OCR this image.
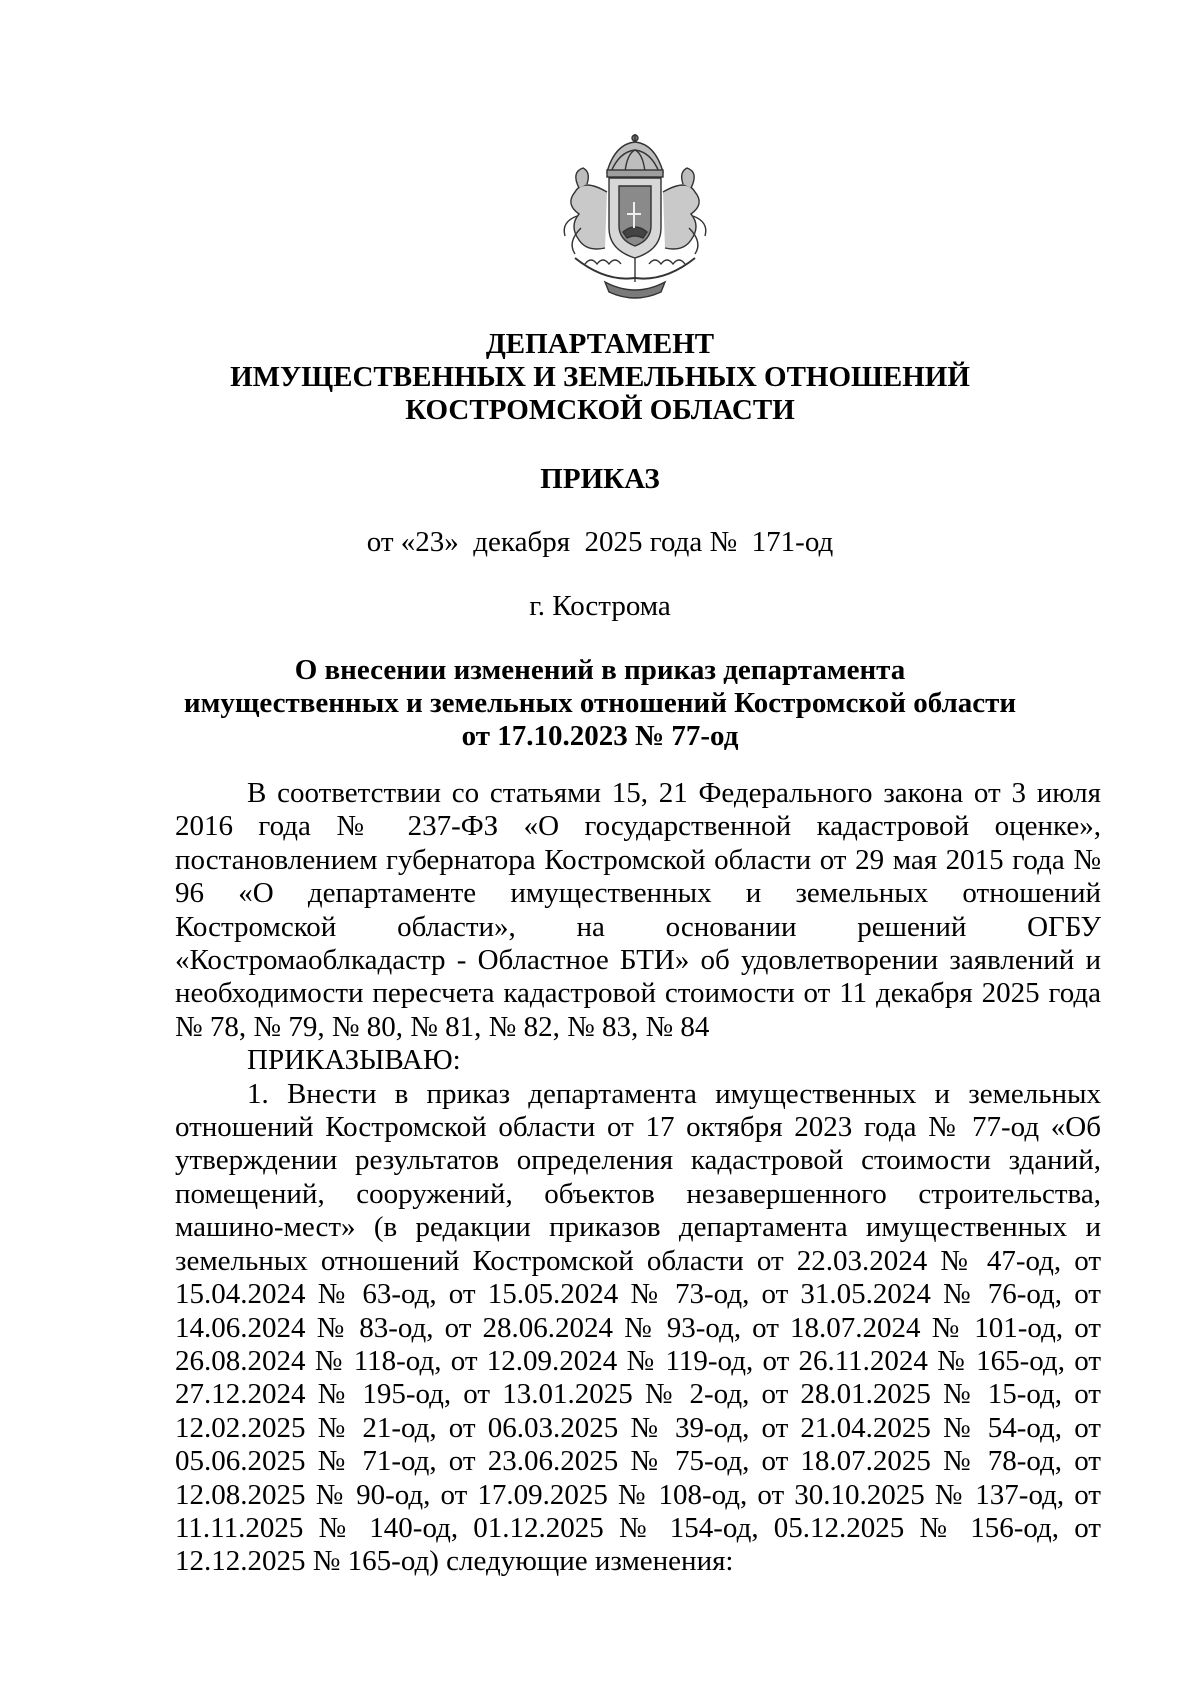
ДЕПАРТАМЕНТ
ИМУЩЕСТВЕННЫХ И ЗЕМЕЛЬНЫХ ОТНОШЕНИЙ
КОСТРОМСКОЙ ОБЛАСТИ
ПРИКАЗ
от «23»  декабря  2025 года №  171-од
г. Кострома
О внесении изменений в приказ департамента
имущественных и земельных отношений Костромской области
от 17.10.2023 № 77-од

В соответствии со статьями 15, 21 Федерального закона от 3 июля 2016 года № 237-ФЗ «О государственной кадастровой оценке», постановлением губернатора Костромской области от 29 мая 2015 года № 96 «О департаменте имущественных и земельных отношений Костромской области», на основании решений ОГБУ «Костромаоблкадастр - Областное БТИ» об удовлетворении заявлений и необходимости пересчета кадастровой стоимости от 11 декабря 2025 года № 78, № 79, № 80, № 81, № 82, № 83, № 84

ПРИКАЗЫВАЮ:

1. Внести в приказ департамента имущественных и земельных отношений Костромской области от 17 октября 2023 года № 77-од «Об утверждении результатов определения кадастровой стоимости зданий, помещений, сооружений, объектов незавершенного строительства, машино-мест» (в редакции приказов департамента имущественных и земельных отношений Костромской области от 22.03.2024 № 47-од, от 15.04.2024 № 63-од, от 15.05.2024 № 73-од, от 31.05.2024 № 76-од, от 14.06.2024 № 83-од, от 28.06.2024 № 93-од, от 18.07.2024 № 101-од, от 26.08.2024 № 118-од, от 12.09.2024 № 119-од, от 26.11.2024 № 165-од, от 27.12.2024 № 195-од, от 13.01.2025 № 2-од, от 28.01.2025 № 15-од, от 12.02.2025 № 21-од, от 06.03.2025 № 39-од, от 21.04.2025 № 54-од, от 05.06.2025 № 71-од, от 23.06.2025 № 75-од, от 18.07.2025 № 78-од, от 12.08.2025 № 90-од, от 17.09.2025 № 108-од, от 30.10.2025 № 137-од, от 11.11.2025 № 140-од, 01.12.2025 № 154-од, 05.12.2025 № 156-од, от 12.12.2025 № 165-од) следующие изменения:
